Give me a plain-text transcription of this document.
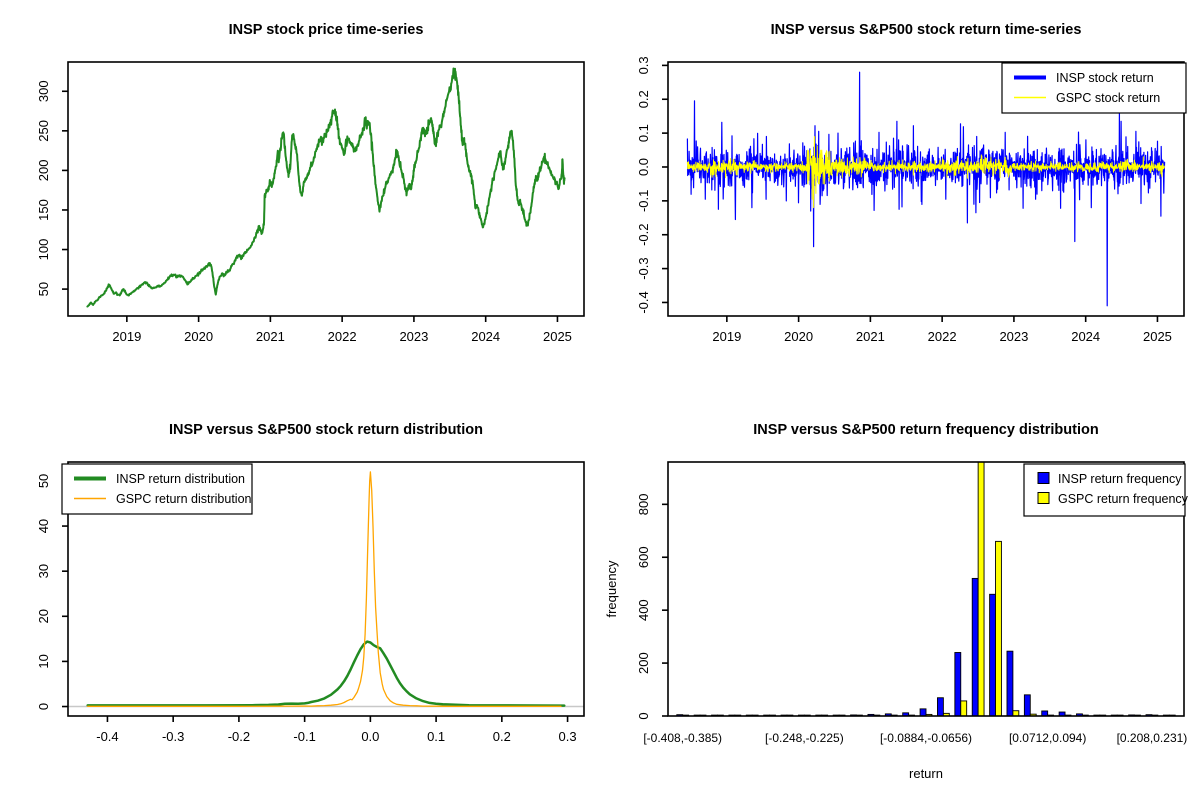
INSP stock price time-series
2019	2020	2021	2022	2023	2024	2025
50
100
150
200
250
300
INSP versus S&P500 stock return time-series
2019	2020	2021	2022	2023	2024	2025
0.3
0.2
0.1
0.0
-0.1
-0.2
-0.3
-0.4
INSP stock return
GSPC stock return
INSP versus S&P500 stock return distribution
-0.4	-0.3	-0.2	-0.1	0.0	0.1	0.2	0.3
0
10
20
30
40
50	INSP return distribution
GSPC return distribution
INSP versus S&P500 return frequency distribution
0
200
400
600
800
return
frequency
[-0.408,-0.385)	[-0.248,-0.225)	[-0.0884,-0.0656)	[0.0712,0.094)	[0.208,0.231)
INSP return frequency
GSPC return frequency
